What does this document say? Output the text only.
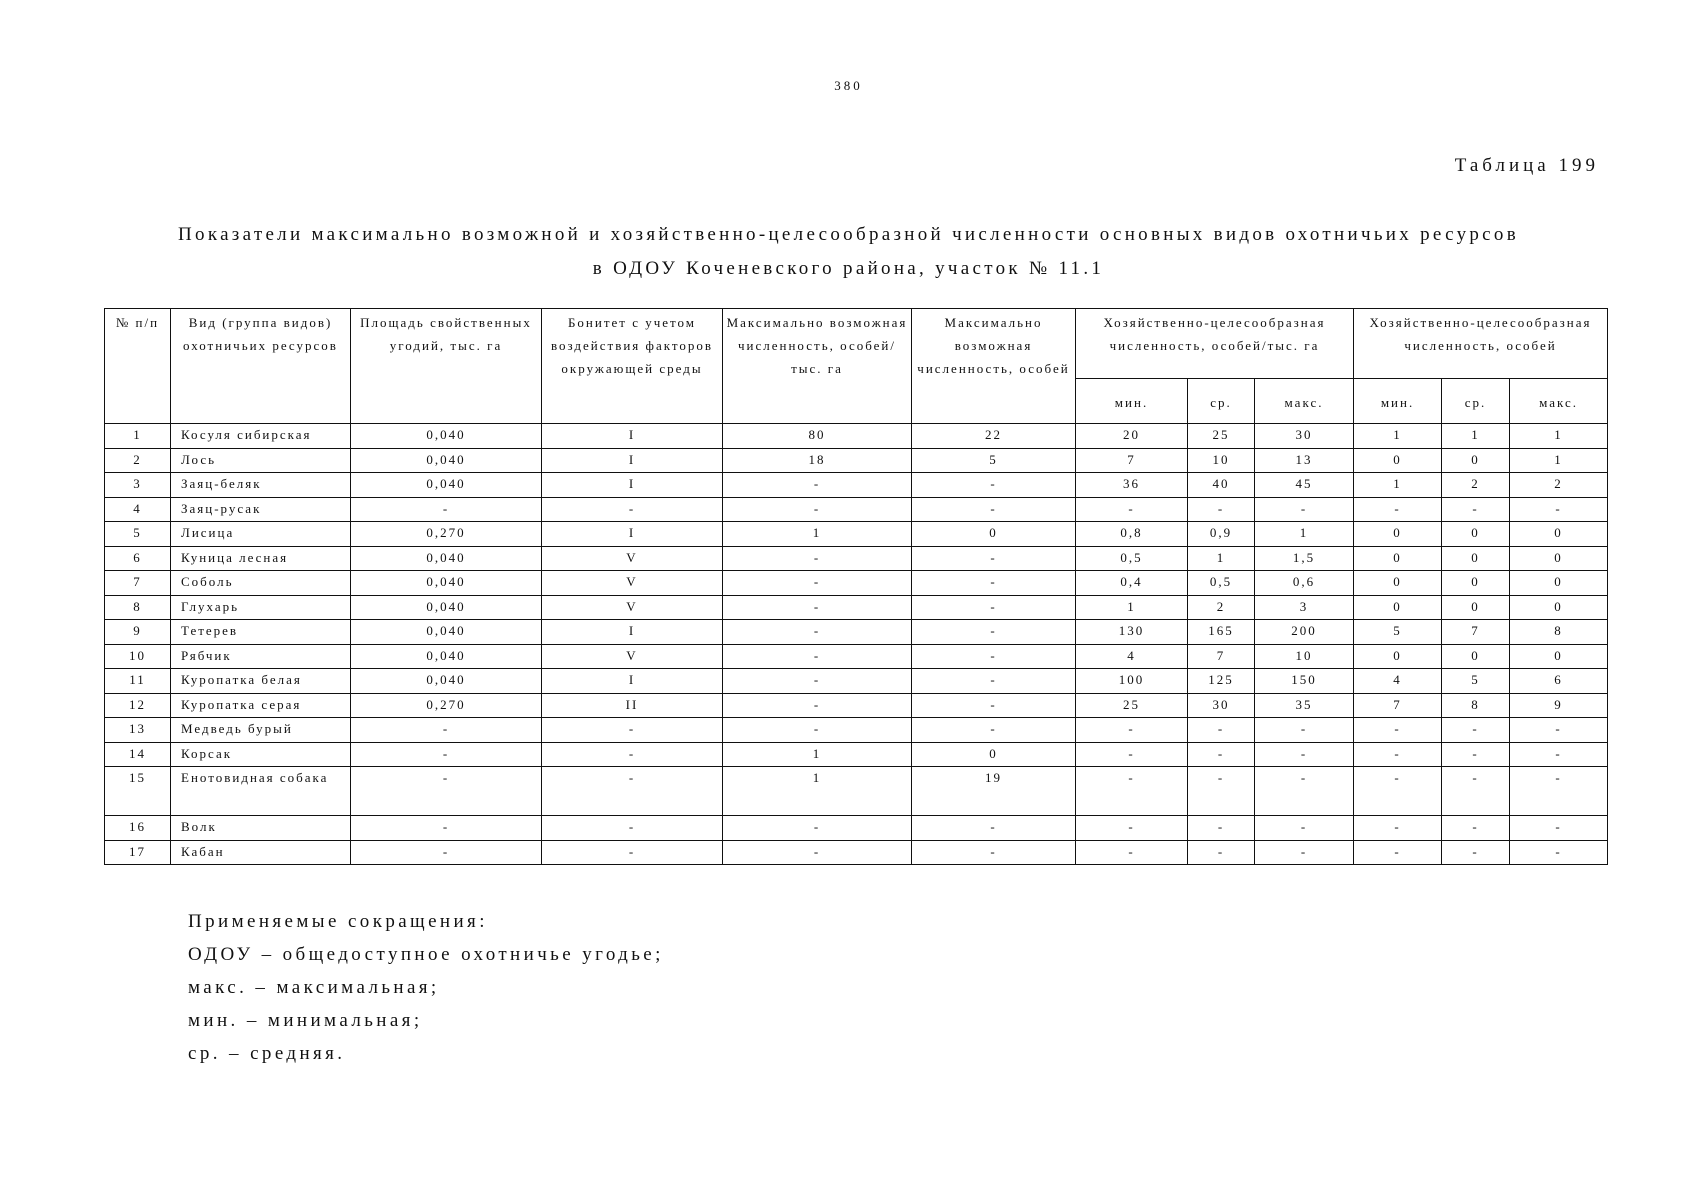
380
Таблица 199
Показатели максимально возможной и хозяйственно-целесообразной численности основных видов охотничьих ресурсов
в ОДОУ Коченевского района, участок № 11.1
№ п/п	Вид (группа видов) охотничьих ресурсов	Площадь свойственных угодий, тыс. га	Бонитет с учетом воздействия факторов окружающей среды	Максимально возможная численность, особей/тыс. га	Максимально возможная численность, особей	Хозяйственно-целесообразная численность, особей/тыс. га			Хозяйственно-целесообразная численность, особей		
						мин.	ср.	макс.	мин.	ср.	макс.
1	Косуля сибирская	0,040	I	80	22	20	25	30	1	1	1
2	Лось	0,040	I	18	5	7	10	13	0	0	1
3	Заяц-беляк	0,040	I	-	-	36	40	45	1	2	2
4	Заяц-русак	-	-	-	-	-	-	-	-	-	-
5	Лисица	0,270	I	1	0	0,8	0,9	1	0	0	0
6	Куница лесная	0,040	V	-	-	0,5	1	1,5	0	0	0
7	Соболь	0,040	V	-	-	0,4	0,5	0,6	0	0	0
8	Глухарь	0,040	V	-	-	1	2	3	0	0	0
9	Тетерев	0,040	I	-	-	130	165	200	5	7	8
10	Рябчик	0,040	V	-	-	4	7	10	0	0	0
11	Куропатка белая	0,040	I	-	-	100	125	150	4	5	6
12	Куропатка серая	0,270	II	-	-	25	30	35	7	8	9
13	Медведь бурый	-	-	-	-	-	-	-	-	-	-
14	Корсак	-	-	1	0	-	-	-	-	-	-
15	Енотовидная собака	-	-	1	19	-	-	-	-	-	-
16	Волк	-	-	-	-	-	-	-	-	-	-
17	Кабан	-	-	-	-	-	-	-	-	-	-
Применяемые сокращения:
ОДОУ – общедоступное охотничье угодье;
макс. – максимальная;
мин. – минимальная;
ср. – средняя.
